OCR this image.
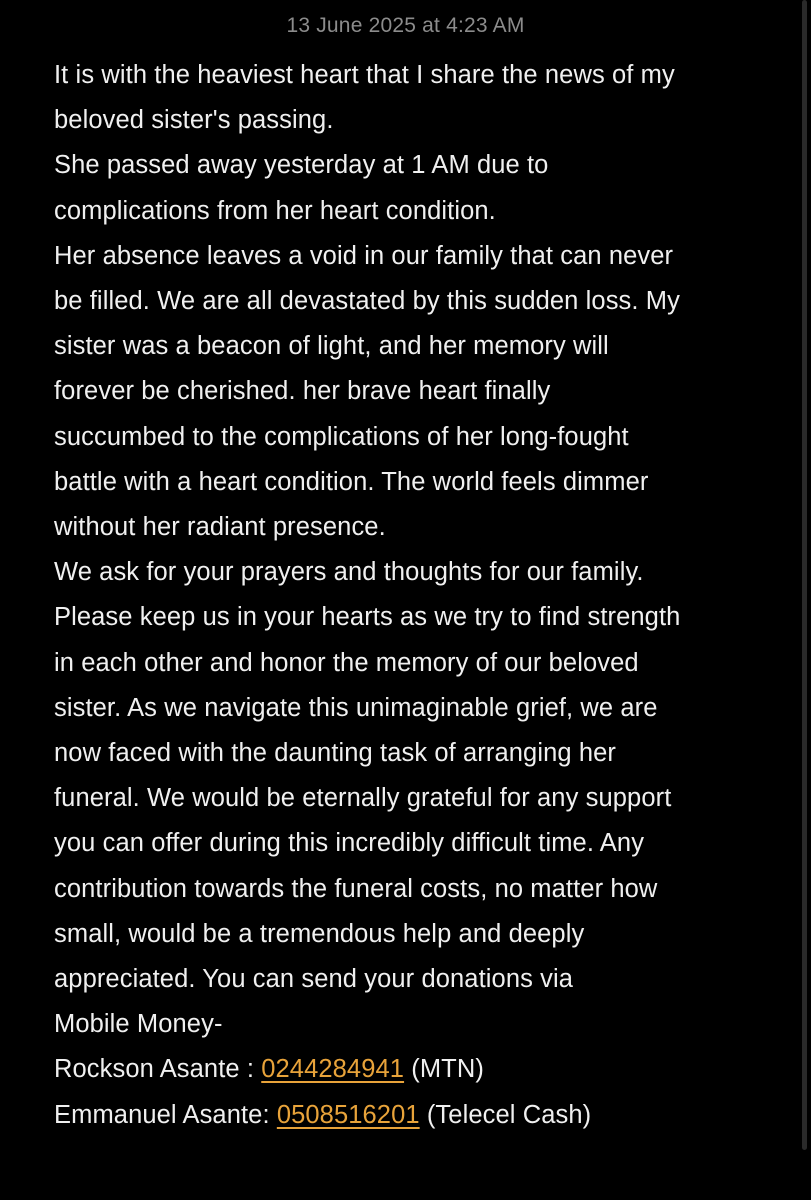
13 June 2025 at 4:23 AM

It is with the heaviest heart that I share the news of my

beloved sister's passing.

She passed away yesterday at 1 AM due to

complications from her heart condition.

Her absence leaves a void in our family that can never

be filled. We are all devastated by this sudden loss. My

sister was a beacon of light, and her memory will

forever be cherished. her brave heart finally

succumbed to the complications of her long-fought

battle with a heart condition. The world feels dimmer

without her radiant presence.

We ask for your prayers and thoughts for our family.

Please keep us in your hearts as we try to find strength

in each other and honor the memory of our beloved

sister. As we navigate this unimaginable grief, we are

now faced with the daunting task of arranging her

funeral. We would be eternally grateful for any support

you can offer during this incredibly difficult time. Any

contribution towards the funeral costs, no matter how

small, would be a tremendous help and deeply

appreciated. You can send your donations via

Mobile Money-

Rockson Asante : 0244284941 (MTN)

Emmanuel Asante: 0508516201 (Telecel Cash)
